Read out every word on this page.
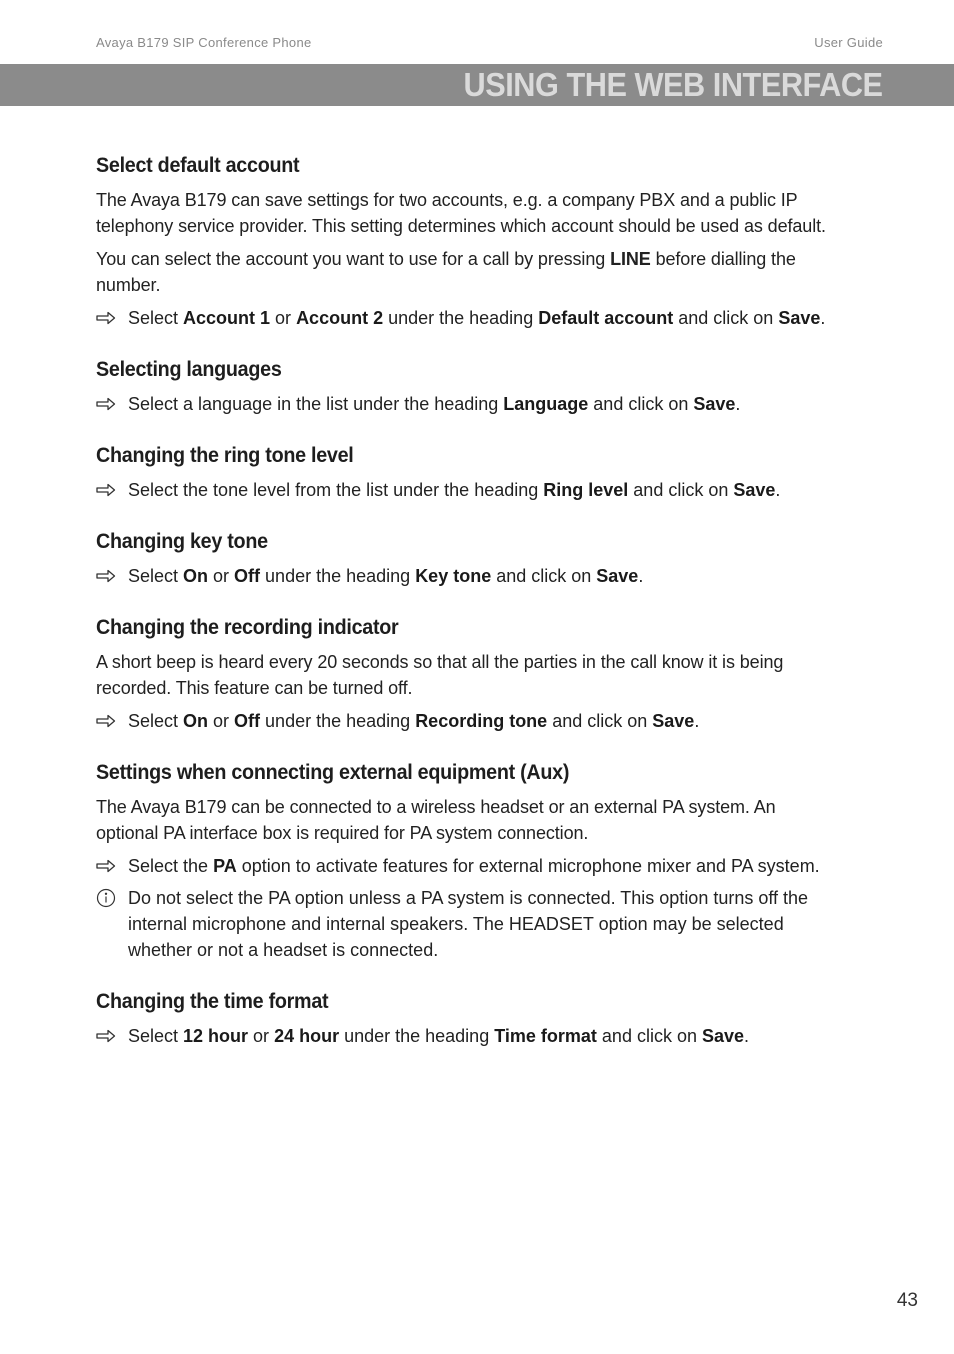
Avaya B179 SIP Conference Phone	User Guide
USING THE WEB INTERFACE
Select default account

The Avaya B179 can save settings for two accounts, e.g. a company PBX and a public IP telephony service provider. This setting determines which account should be used as default.

You can select the account you want to use for a call by pressing LINE before dialling the number.

Select Account 1 or Account 2 under the heading Default account and click on Save.
Selecting languages
Select a language in the list under the heading Language and click on Save.
Changing the ring tone level
Select the tone level from the list under the heading Ring level and click on Save.
Changing key tone
Select On or Off under the heading Key tone and click on Save.
Changing the recording indicator

A short beep is heard every 20 seconds so that all the parties in the call know it is being recorded. This feature can be turned off.

Select On or Off under the heading Recording tone and click on Save.
Settings when connecting external equipment (Aux)

The Avaya B179 can be connected to a wireless headset or an external PA system. An optional PA interface box is required for PA system connection.

Select the PA option to activate features for external microphone mixer and PA system.
Do not select the PA option unless a PA system is connected. This option turns off the internal microphone and internal speakers. The HEADSET option may be selected whether or not a headset is connected.
Changing the time format
Select 12 hour or 24 hour under the heading Time format and click on Save.
43
